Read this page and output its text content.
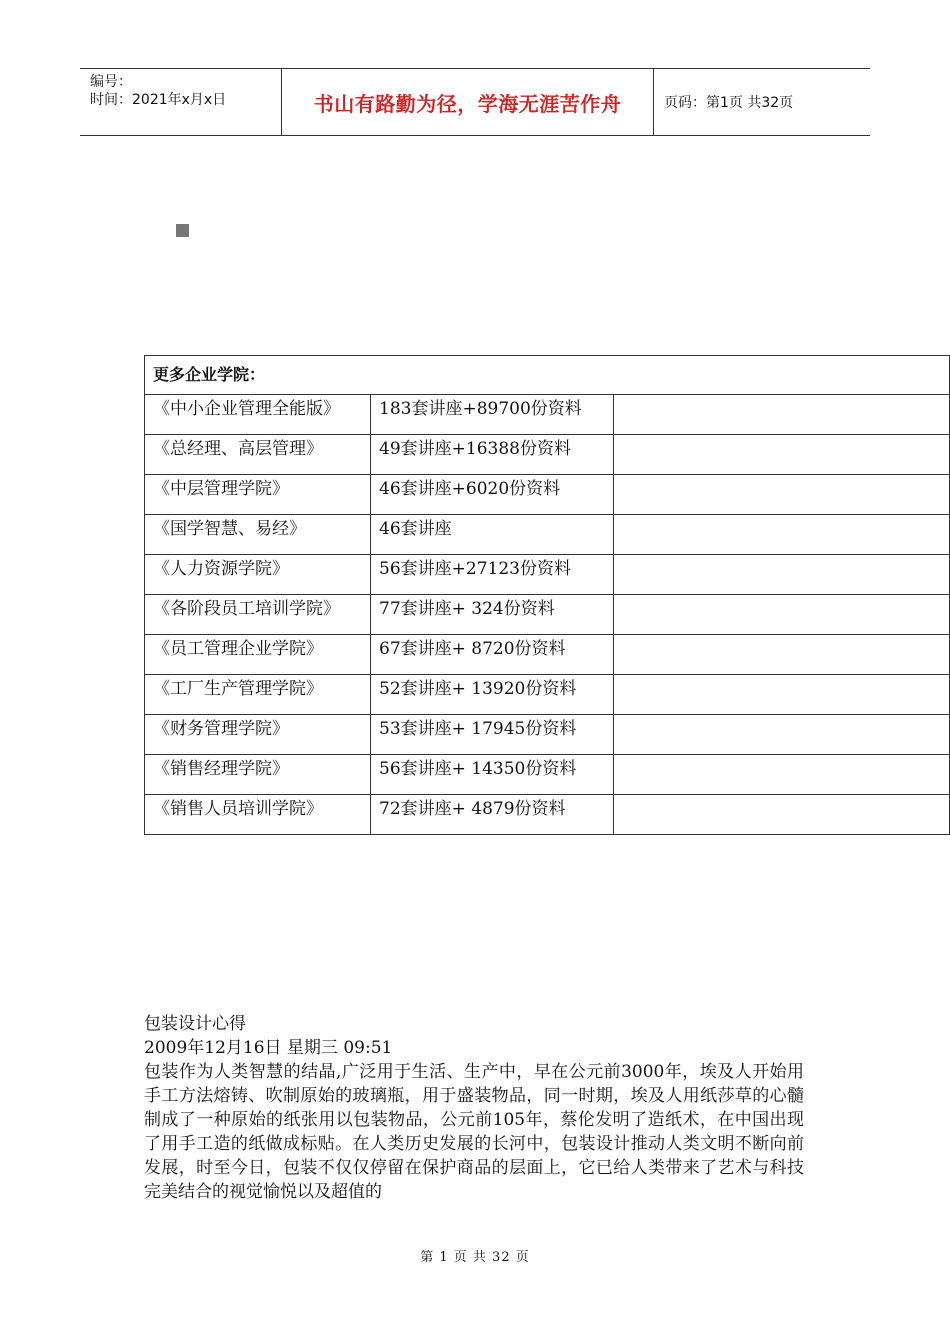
编号：
时间：2021年x月x日	书山有路勤为径，学海无涯苦作舟	页码：第1页 共32页
更多企业学院：		

《中小企业管理全能版》	183套讲座+89700份资料	

《总经理、高层管理》	49套讲座+16388份资料	

《中层管理学院》	46套讲座+6020份资料	

《国学智慧、易经》	46套讲座	

《人力资源学院》	56套讲座+27123份资料	

《各阶段员工培训学院》	77套讲座+ 324份资料	

《员工管理企业学院》	67套讲座+ 8720份资料	

《工厂生产管理学院》	52套讲座+ 13920份资料	

《财务管理学院》	53套讲座+ 17945份资料	

《销售经理学院》	56套讲座+ 14350份资料	

《销售人员培训学院》	72套讲座+ 4879份资料	

包装设计心得

2009年12月16日 星期三 09:51

包装作为人类智慧的结晶,广泛用于生活、生产中，早在公元前3000年，埃及人开始用手工方法熔铸、吹制原始的玻璃瓶，用于盛装物品，同一时期，埃及人用纸莎草的心髓制成了一种原始的纸张用以包装物品，公元前105年，蔡伦发明了造纸术，在中国出现了用手工造的纸做成标贴。在人类历史发展的长河中，包装设计推动人类文明不断向前发展，时至今日，包装不仅仅停留在保护商品的层面上，它已给人类带来了艺术与科技完美结合的视觉愉悦以及超值的

第 1 页 共 32 页
